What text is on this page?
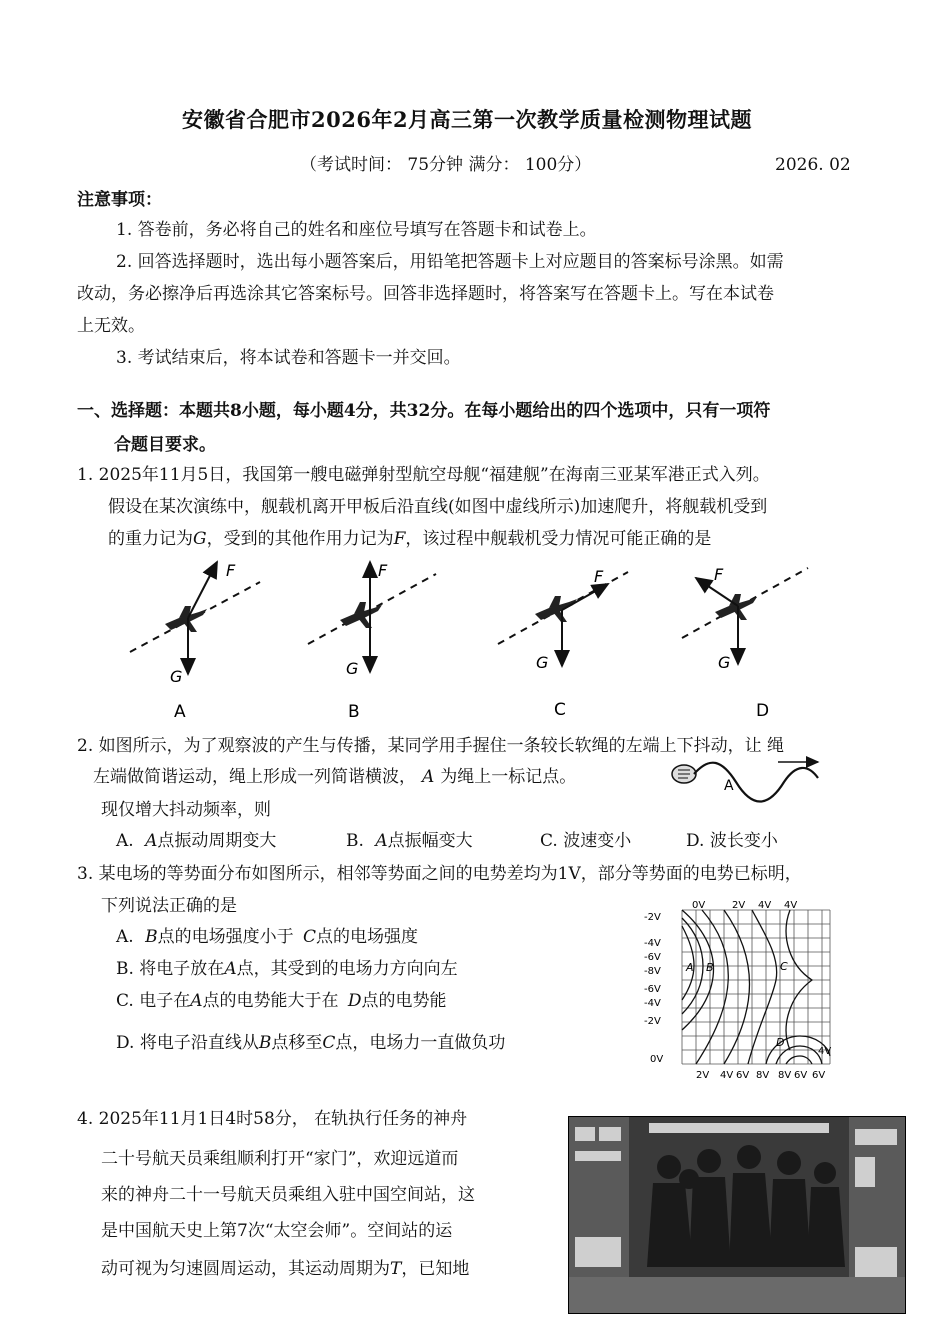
安徽省合肥市2026年2月高三第一次教学质量检测物理试题
（考试时间： 75分钟 满分： 100分）	2026. 02
注意事项：
1. 答卷前，务必将自己的姓名和座位号填写在答题卡和试卷上。
2. 回答选择题时，选出每小题答案后，用铅笔把答题卡上对应题目的答案标号涂黑。如需
改动，务必擦净后再选涂其它答案标号。回答非选择题时，将答案写在答题卡上。写在本试卷
上无效。
3. 考试结束后，将本试卷和答题卡一并交回。
一、选择题：本题共8小题，每小题4分，共32分。在每小题给出的四个选项中，只有一项符
合题目要求。
1. 2025年11月5日，我国第一艘电磁弹射型航空母舰“福建舰”在海南三亚某军港正式入列。
假设在某次演练中，舰载机离开甲板后沿直线(如图中虚线所示)加速爬升，将舰载机受到
的重力记为G，受到的其他作用力记为F，该过程中舰载机受力情况可能正确的是
F
G
A
F
G
B
F
G
C
F
G
D
2. 如图所示，为了观察波的产生与传播，某同学用手握住一条较长软绳的左端上下抖动，让 绳
左端做简谐运动，绳上形成一列简谐横波， A 为绳上一标记点。
现仅增大抖动频率，则
A
A. A点振动周期变大	B. A点振幅变大	C. 波速变小	D. 波长变小
3. 某电场的等势面分布如图所示，相邻等势面之间的电势差均为1V，部分等势面的电势已标明，
下列说法正确的是
A. B点的电场强度小于 C点的电场强度
B. 将电子放在A点，其受到的电场力方向向左
C. 电子在A点的电势能大于在 D点的电势能
D. 将电子沿直线从B点移至C点，电场力一直做负功
0V	2V 4V 4V
-2V
-4V
-6V
-8V
-6V
-4V
-2V
0V
2V 4V 6V 8V 8V 6V 6V
4V
A B	C
D
4. 2025年11月1日4时58分， 在轨执行任务的神舟
二十号航天员乘组顺利打开“家门”，欢迎远道而
来的神舟二十一号航天员乘组入驻中国空间站，这
是中国航天史上第7次“太空会师”。空间站的运
动可视为匀速圆周运动，其运动周期为T，已知地
